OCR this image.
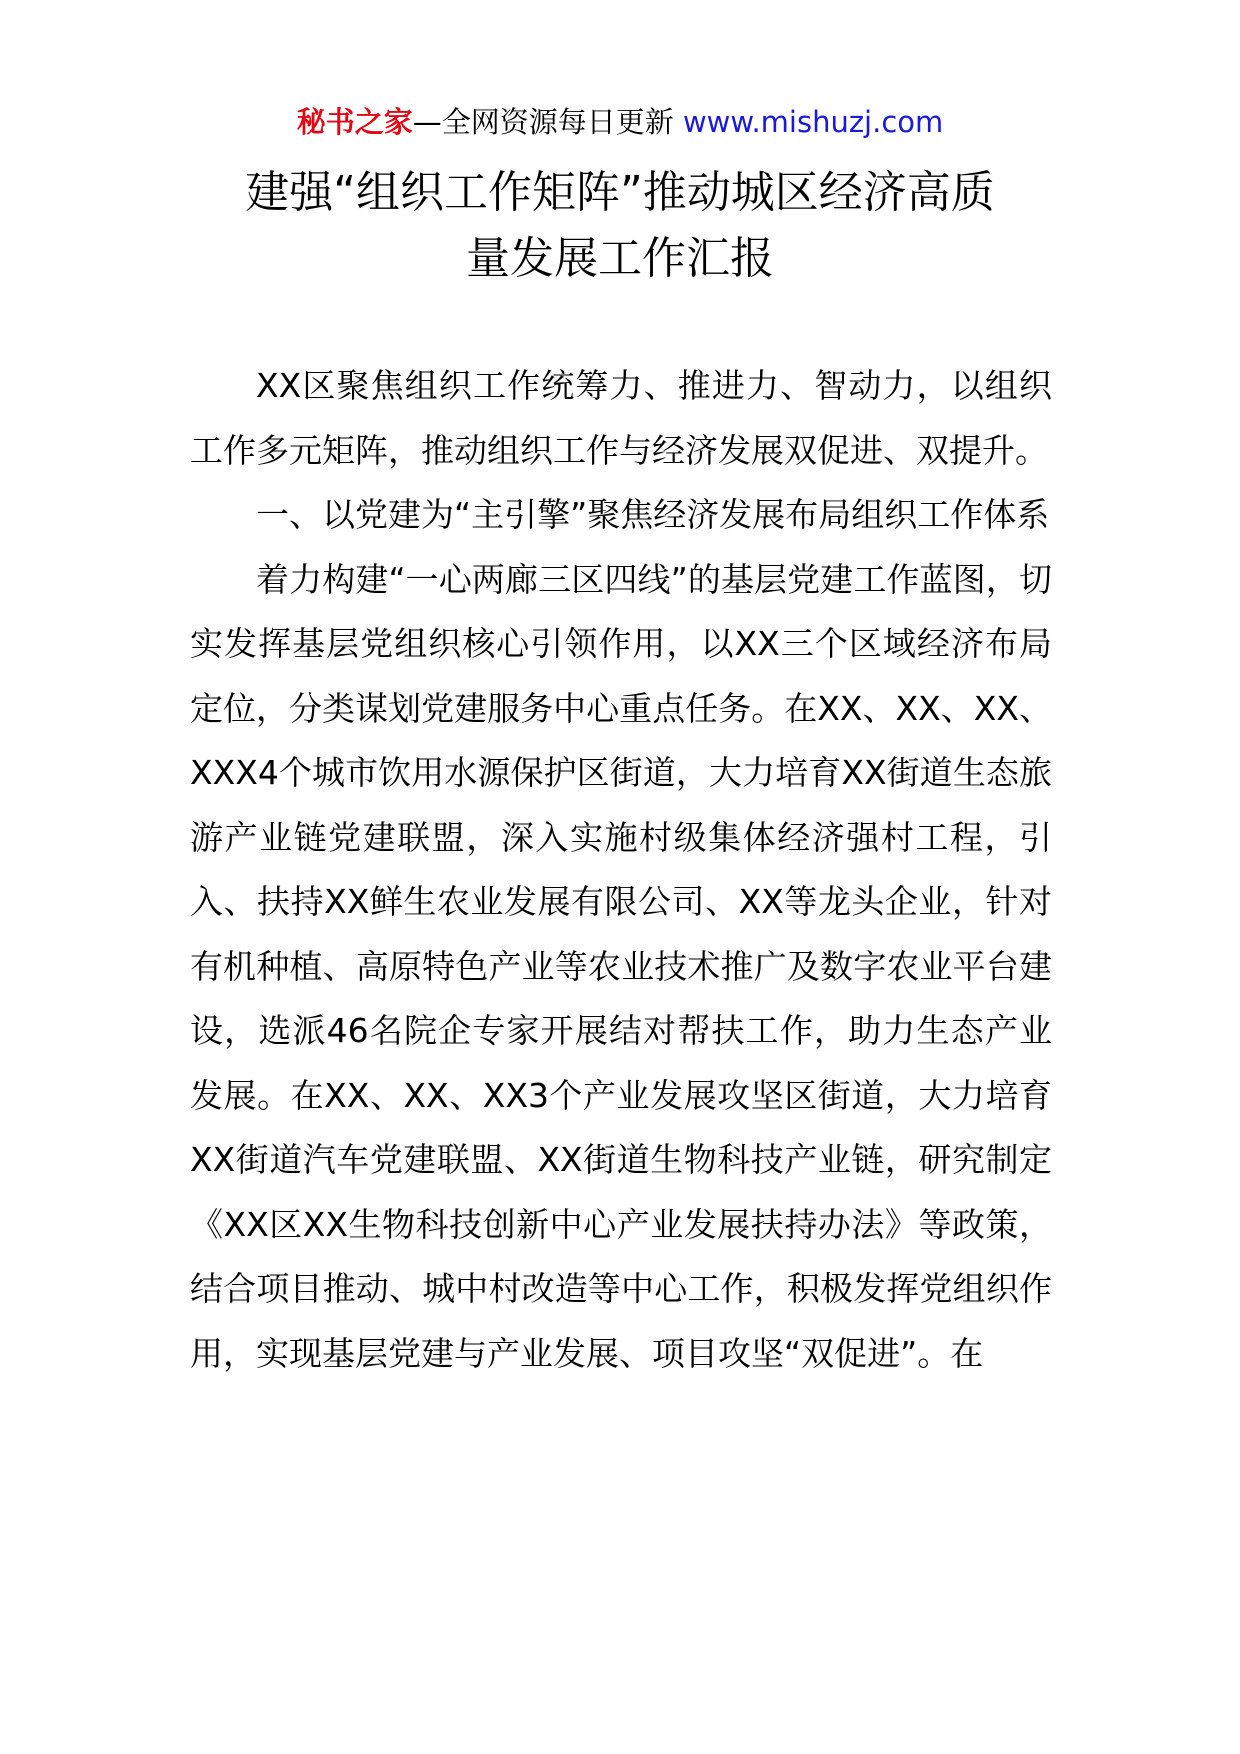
秘书之家—全网资源每日更新 www.mishuzj.com
建强“组织工作矩阵”推动城区经济高质
量发展工作汇报

XX区聚焦组织工作统筹力、推进力、智动力，以组织工作多元矩阵，推动组织工作与经济发展双促进、双提升。

一、以党建为“主引擎”聚焦经济发展布局组织工作体系

着力构建“一心两廊三区四线”的基层党建工作蓝图，切实发挥基层党组织核心引领作用，以XX三个区域经济布局定位，分类谋划党建服务中心重点任务。在XX、XX、XX、XXX4个城市饮用水源保护区街道，大力培育XX街道生态旅游产业链党建联盟，深入实施村级集体经济强村工程，引入、扶持XX鲜生农业发展有限公司、XX等龙头企业，针对有机种植、高原特色产业等农业技术推广及数字农业平台建设，选派46名院企专家开展结对帮扶工作，助力生态产业发展。在XX、XX、XX3个产业发展攻坚区街道，大力培育XX街道汽车党建联盟、XX街道生物科技产业链，研究制定《XX区XX生物科技创新中心产业发展扶持办法》等政策，结合项目推动、城中村改造等中心工作，积极发挥党组织作用，实现基层党建与产业发展、项目攻坚“双促进”。在
